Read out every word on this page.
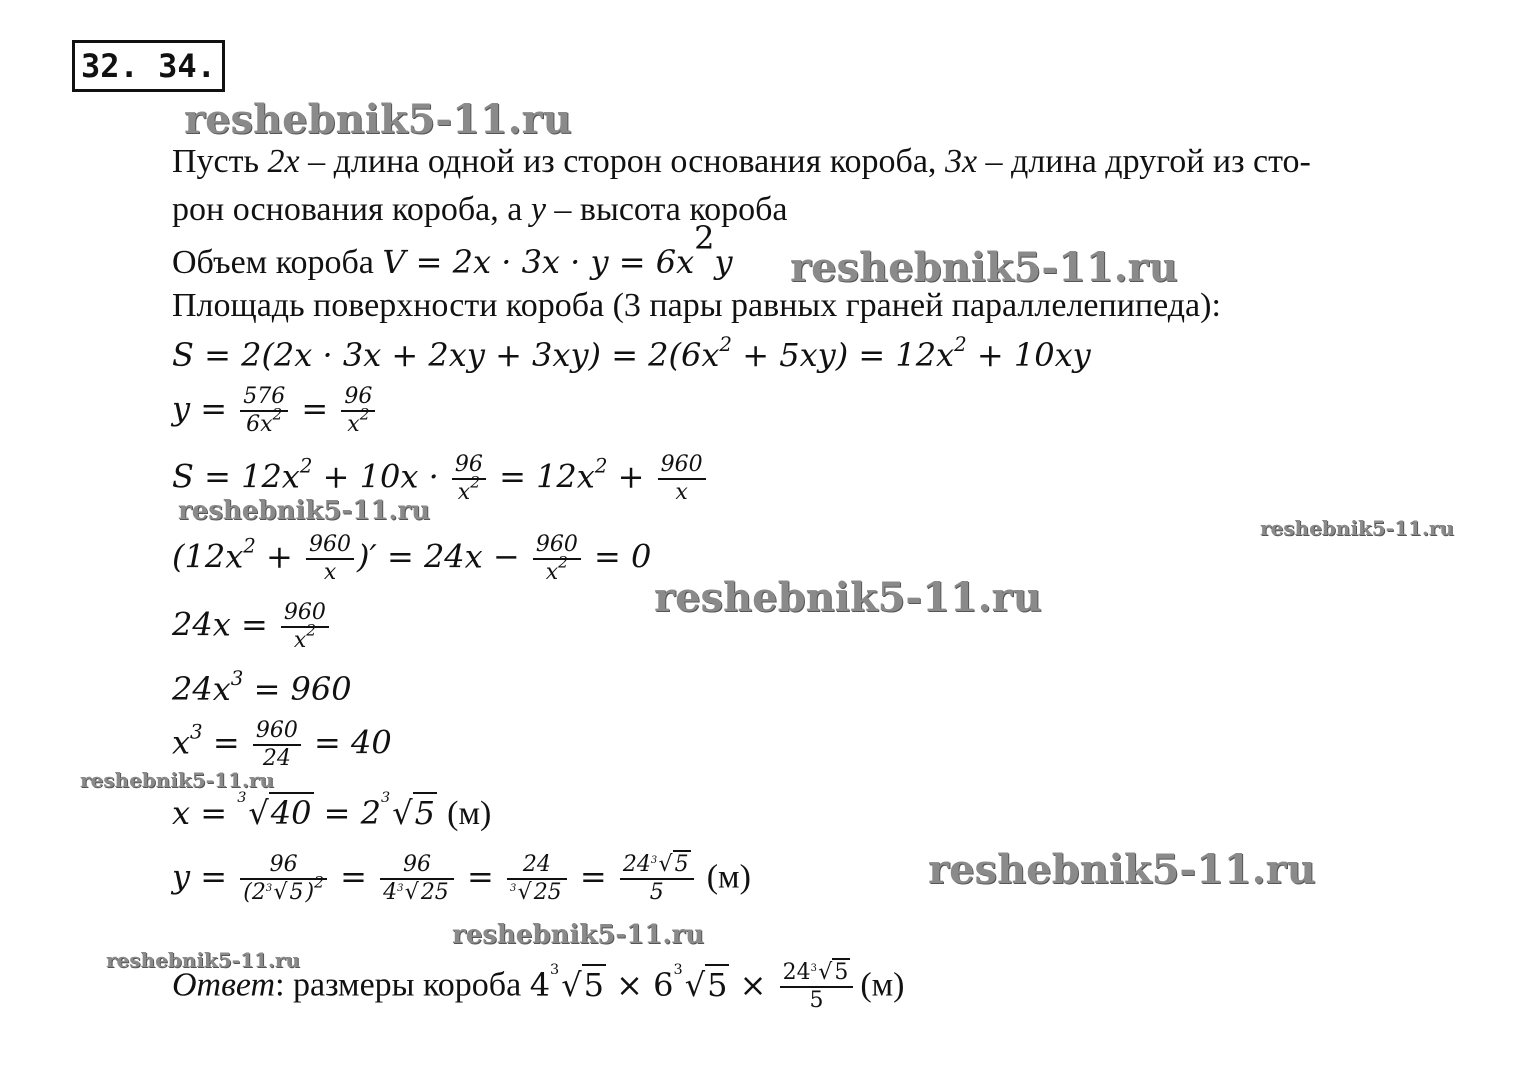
32. 34.
reshebnik5-11.ru
reshebnik5-11.ru
reshebnik5-11.ru
reshebnik5-11.ru
reshebnik5-11.ru
reshebnik5-11.ru
reshebnik5-11.ru
reshebnik5-11.ru
reshebnik5-11.ru
Пусть 2x – длина одной из сторон основания короба, 3x – длина другой из сто-
рон основания короба, а y – высота короба
Объем короба $V = 2x \cdot 3x \cdot y = 6x^2y$
Площадь поверхности короба (3 пары равных граней параллелепипеда):
$S = 2(2x \cdot 3x + 2xy + 3xy) = 2(6x^2 + 5xy) = 12x^2 + 10xy$
$y = \frac{576}{6x^2} = \frac{96}{x^2}$
$S = 12x^2 + 10x \cdot \frac{96}{x^2} = 12x^2 + \frac{960}{x}$
($12x^2 + \frac{960}{x}$ )′ = $24x - \frac{960}{x^2} = 0$
$24x = \frac{960}{x^2}$
$24x^3 = 960$
$x^3 = \frac{960}{24} = 40$
x = 3 √40 = 2 3 √5 (м)
$y = \frac{96}{(2 3 √5)^2} = \frac{96}{4 3 √25} = \frac{24}{3 √25} = \frac{24 3 √5}{5} (м)$
Ответ: размеры короба 4 3 √5 × 6 3 $√5 \times \frac{24 3 √5}{5} (м)$
